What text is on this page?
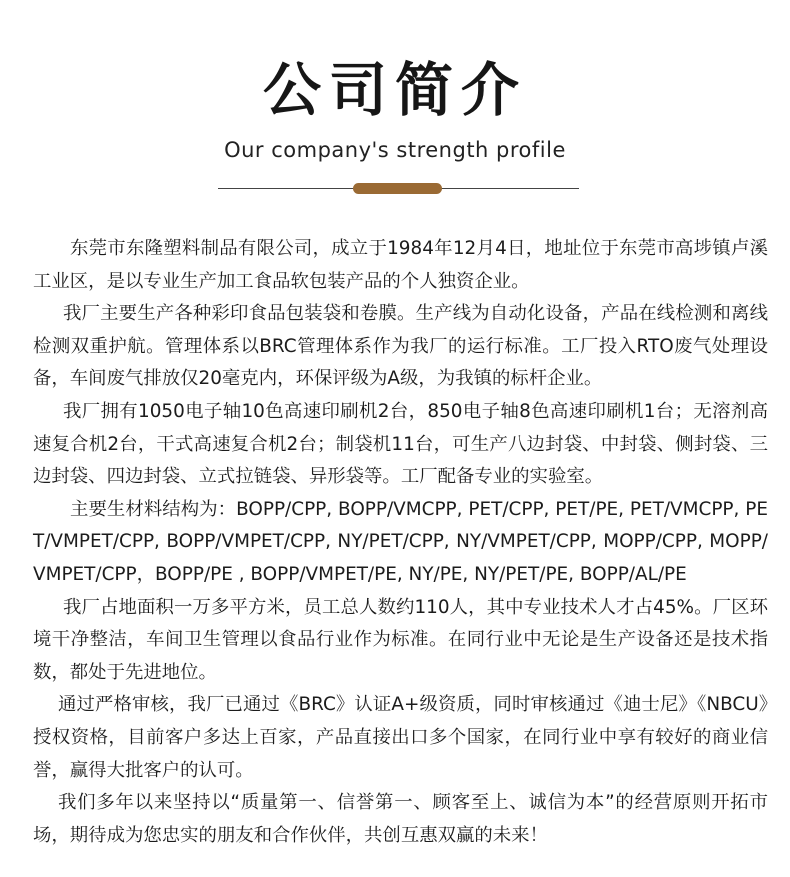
公司简介
Our company's strength profile

东莞市东隆塑料制品有限公司，成立于1984年12月4日，地址位于东莞市高埗镇卢溪工业区，是以专业生产加工食品软包装产品的个人独资企业。

我厂主要生产各种彩印食品包装袋和卷膜。生产线为自动化设备，产品在线检测和离线检测双重护航。管理体系以BRC管理体系作为我厂的运行标准。工厂投入RTO废气处理设备，车间废气排放仅20毫克内，环保评级为A级，为我镇的标杆企业。

我厂拥有1050电子轴10色高速印刷机2台，850电子轴8色高速印刷机1台；无溶剂高速复合机2台，干式高速复合机2台；制袋机11台，可生产八边封袋、中封袋、侧封袋、三边封袋、四边封袋、立式拉链袋、异形袋等。工厂配备专业的实验室。

主要生材料结构为：BOPP/CPP, BOPP/VMCPP, PET/CPP, PET/PE, PET/VMCPP, PET/VMPET/CPP, BOPP/VMPET/CPP, NY/PET/CPP, NY/VMPET/CPP, MOPP/CPP, MOPP/VMPET/CPP，BOPP/PE , BOPP/VMPET/PE, NY/PE, NY/PET/PE, BOPP/AL/PE

我厂占地面积一万多平方米，员工总人数约110人，其中专业技术人才占45%。厂区环境干净整洁，车间卫生管理以食品行业作为标准。在同行业中无论是生产设备还是技术指数，都处于先进地位。

通过严格审核，我厂已通过《BRC》认证A+级资质，同时审核通过《迪士尼》《NBCU》授权资格，目前客户多达上百家，产品直接出口多个国家，在同行业中享有较好的商业信誉，赢得大批客户的认可。

我们多年以来坚持以“质量第一、信誉第一、顾客至上、诚信为本”的经营原则开拓市场，期待成为您忠实的朋友和合作伙伴，共创互惠双赢的未来！
